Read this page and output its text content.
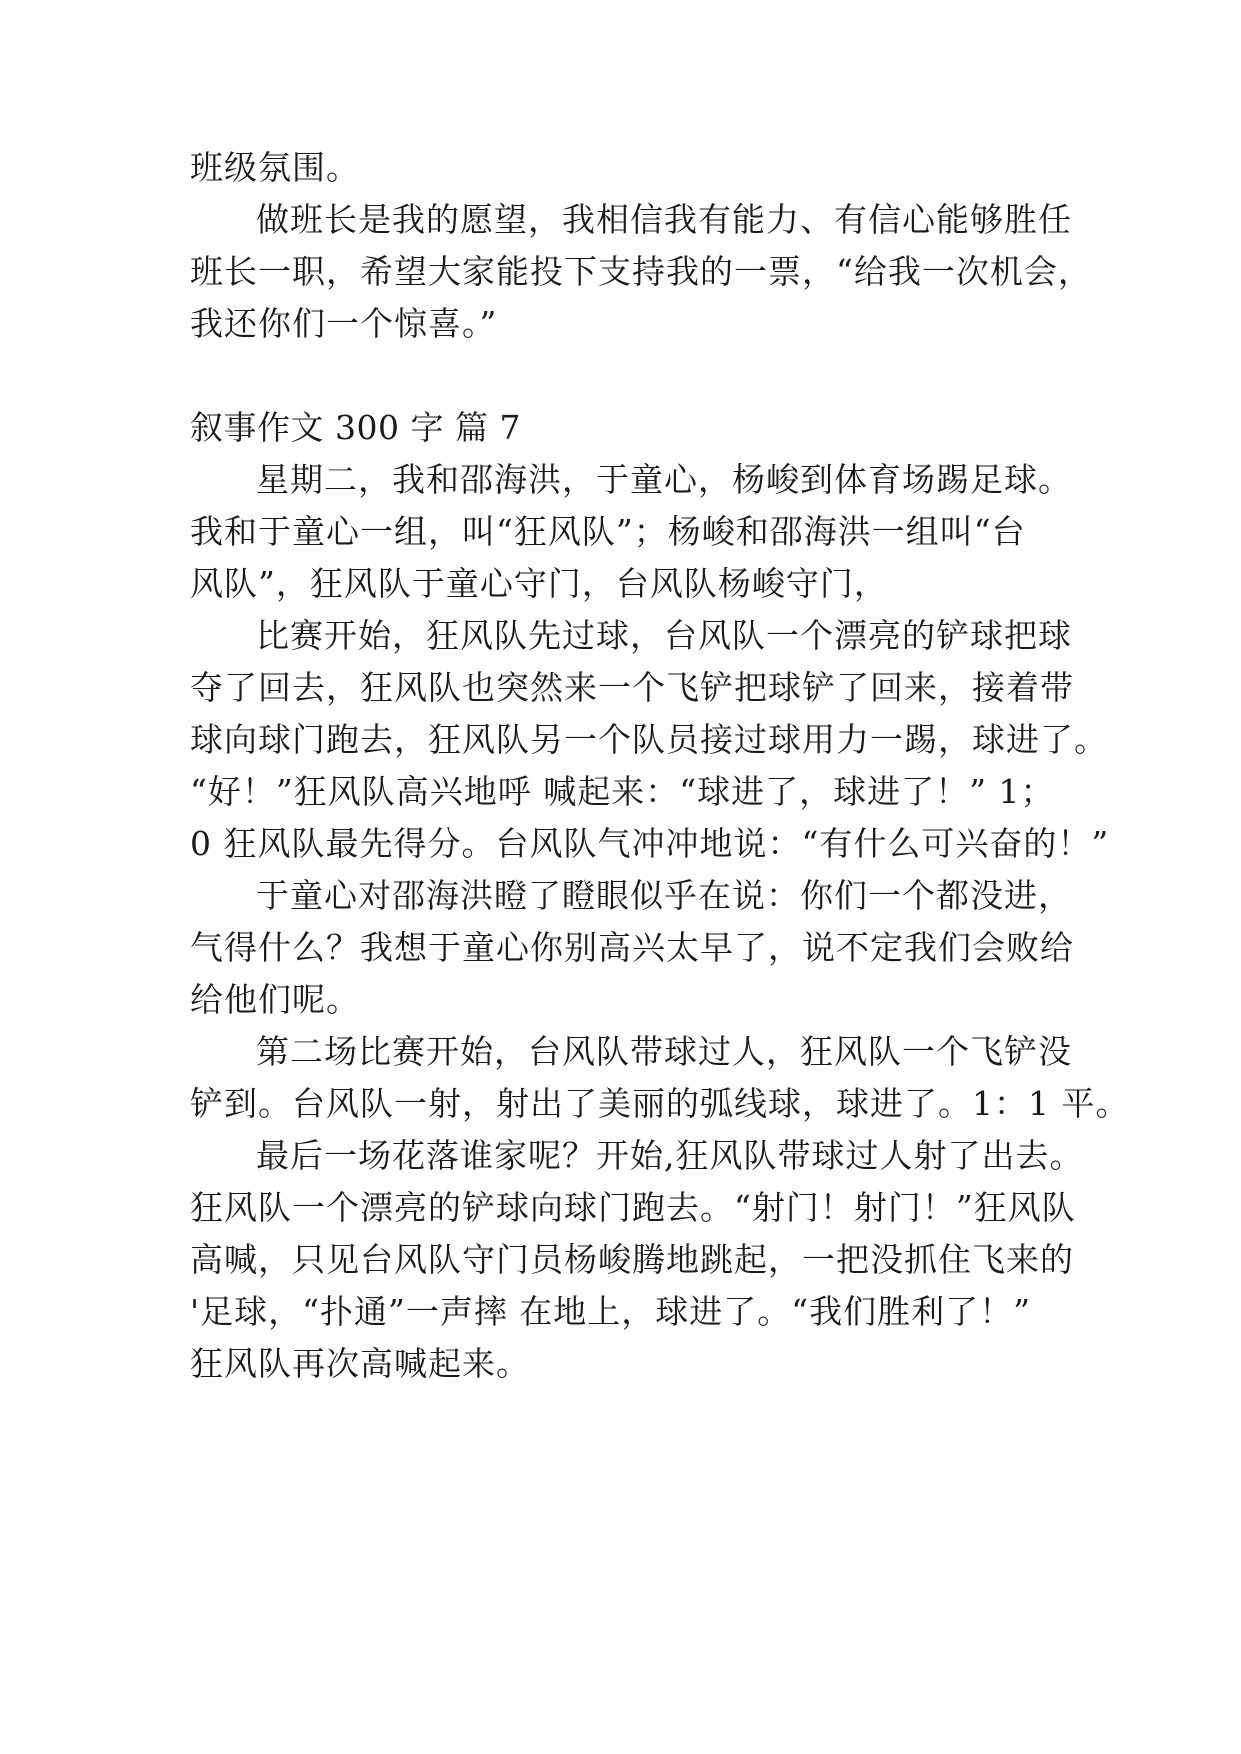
班级氛围。
做班长是我的愿望，我相信我有能力、有信心能够胜任
班长一职，希望大家能投下支持我的一票，“给我一次机会，
我还你们一个惊喜。”
叙事作文 300 字 篇 7
星期二，我和邵海洪，于童心，杨峻到体育场踢足球。
我和于童心一组，叫“狂风队”；杨峻和邵海洪一组叫“台
风队”，狂风队于童心守门，台风队杨峻守门，
比赛开始，狂风队先过球，台风队一个漂亮的铲球把球
夺了回去，狂风队也突然来一个飞铲把球铲了回来，接着带
球向球门跑去，狂风队另一个队员接过球用力一踢，球进了。
“好！”狂风队高兴地呼 喊起来：“球进了，球进了！” 1；
0 狂风队最先得分。台风队气冲冲地说：“有什么可兴奋的！”
于童心对邵海洪瞪了瞪眼似乎在说：你们一个都没进，
气得什么？我想于童心你别高兴太早了，说不定我们会败给
给他们呢。
第二场比赛开始，台风队带球过人，狂风队一个飞铲没
铲到。台风队一射，射出了美丽的弧线球，球进了。1：1 平。
最后一场花落谁家呢？开始,狂风队带球过人射了出去。
狂风队一个漂亮的铲球向球门跑去。“射门！射门！”狂风队
高喊，只见台风队守门员杨峻腾地跳起，一把没抓住飞来的
'足球，“扑通”一声摔 在地上，球进了。“我们胜利了！”
狂风队再次高喊起来。
